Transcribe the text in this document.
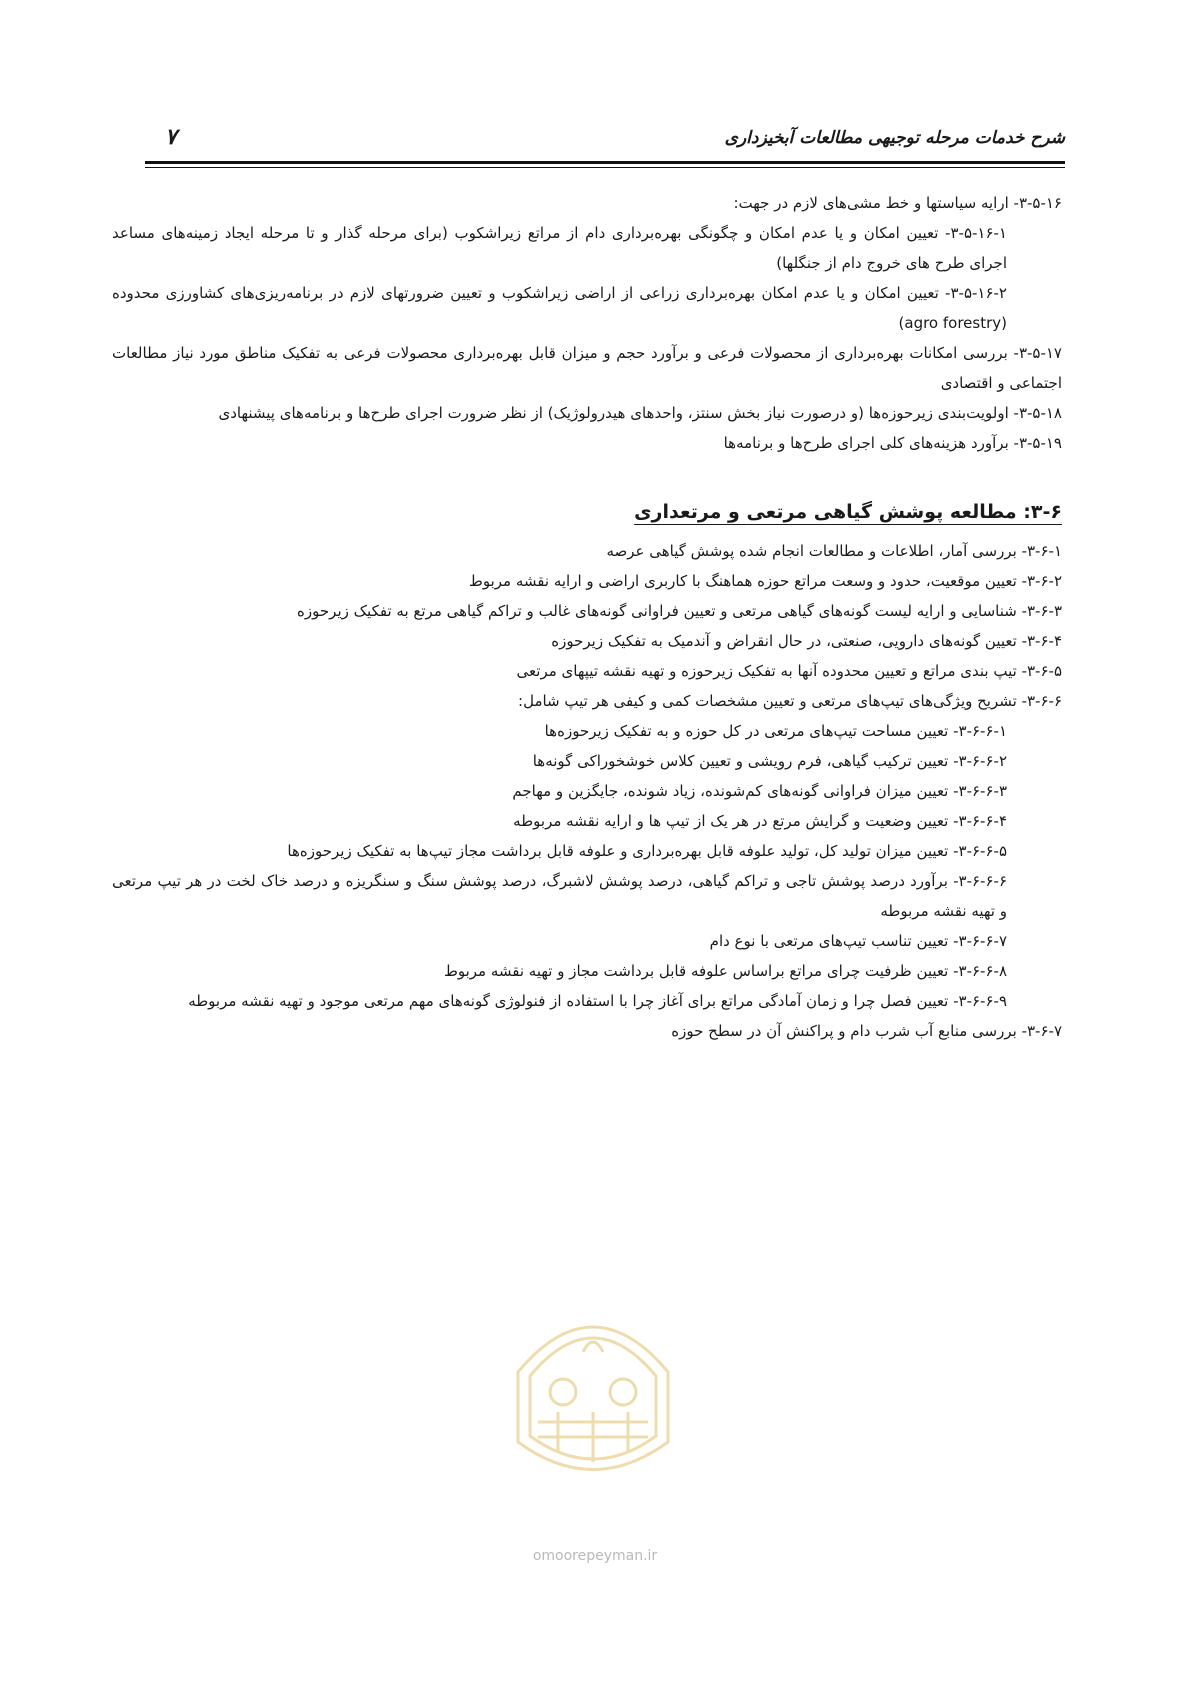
شرح خدمات مرحله توجیهی مطالعات آبخیزداری
۷

۳-۵-۱۶- ارایه سیاستها و خط مشی‌های لازم در جهت:

۳-۵-۱۶-۱- تعیین امکان و یا عدم امکان و چگونگی بهره‌برداری دام از مراتع زیراشکوب (برای مرحله گذار و تا مرحله ایجاد زمینه‌های مساعد اجرای طرح های خروج دام از جنگلها)

۳-۵-۱۶-۲- تعیین امکان و یا عدم امکان بهره‌برداری زراعی از اراضی زیراشکوب و تعیین ضرورتهای لازم در برنامه‌ریزی‌های کشاورزی محدوده (agro forestry)

۳-۵-۱۷- بررسی امکانات بهره‌برداری از محصولات فرعی و برآورد حجم و میزان قابل بهره‌برداری محصولات فرعی به تفکیک مناطق مورد نیاز مطالعات اجتماعی و اقتصادی

۳-۵-۱۸- اولویت‌بندی زیرحوزه‌ها (و درصورت نیاز بخش سنتز، واحدهای هیدرولوژیک) از نظر ضرورت اجرای طرح‌ها و برنامه‌های پیشنهادی

۳-۵-۱۹- برآورد هزینه‌های کلی اجرای طرح‌ها و برنامه‌ها

۳-۶: مطالعه پوشش گیاهی مرتعی و مرتعداری

۳-۶-۱- بررسی آمار، اطلاعات و مطالعات انجام شده پوشش گیاهی عرصه

۳-۶-۲- تعیین موقعیت، حدود و وسعت مراتع حوزه هماهنگ با کاربری اراضی و ارایه نقشه مربوط

۳-۶-۳- شناسایی و ارایه لیست گونه‌های گیاهی مرتعی و تعیین فراوانی گونه‌های غالب و تراکم گیاهی مرتع به تفکیک زیرحوزه

۳-۶-۴- تعیین گونه‌های دارویی، صنعتی، در حال انقراض و آندمیک به تفکیک زیرحوزه

۳-۶-۵- تیپ بندی مراتع و تعیین محدوده آنها به تفکیک زیرحوزه و تهیه نقشه تیپهای مرتعی

۳-۶-۶- تشریح ویژگی‌های تیپ‌های مرتعی و تعیین مشخصات کمی و کیفی هر تیپ شامل:

۳-۶-۶-۱- تعیین مساحت تیپ‌های مرتعی در کل حوزه و به تفکیک زیرحوزه‌ها

۳-۶-۶-۲- تعیین ترکیب گیاهی، فرم رویشی و تعیین کلاس خوشخوراکی گونه‌ها

۳-۶-۶-۳- تعیین میزان فراوانی گونه‌های کم‌شونده، زیاد شونده، جایگزین و مهاجم

۳-۶-۶-۴- تعیین وضعیت و گرایش مرتع در هر یک از تیپ ها و ارایه نقشه مربوطه

۳-۶-۶-۵- تعیین میزان تولید کل، تولید علوفه قابل بهره‌برداری و علوفه قابل برداشت مجاز تیپ‌ها به تفکیک زیرحوزه‌ها

۳-۶-۶-۶- برآورد درصد پوشش تاجی و تراکم گیاهی، درصد پوشش لاشبرگ، درصد پوشش سنگ و سنگریزه و درصد خاک لخت در هر تیپ مرتعی و تهیه نقشه مربوطه

۳-۶-۶-۷- تعیین تناسب تیپ‌های مرتعی با نوع دام

۳-۶-۶-۸- تعیین ظرفیت چرای مراتع براساس علوفه قابل برداشت مجاز و تهیه نقشه مربوط

۳-۶-۶-۹- تعیین فصل چرا و زمان آمادگی مراتع برای آغاز چرا با استفاده از فنولوژی گونه‌های مهم مرتعی موجود و تهیه نقشه مربوطه

۳-۶-۷- بررسی منابع آب شرب دام و پراکنش آن در سطح حوزه

omoorepeyman.ir
